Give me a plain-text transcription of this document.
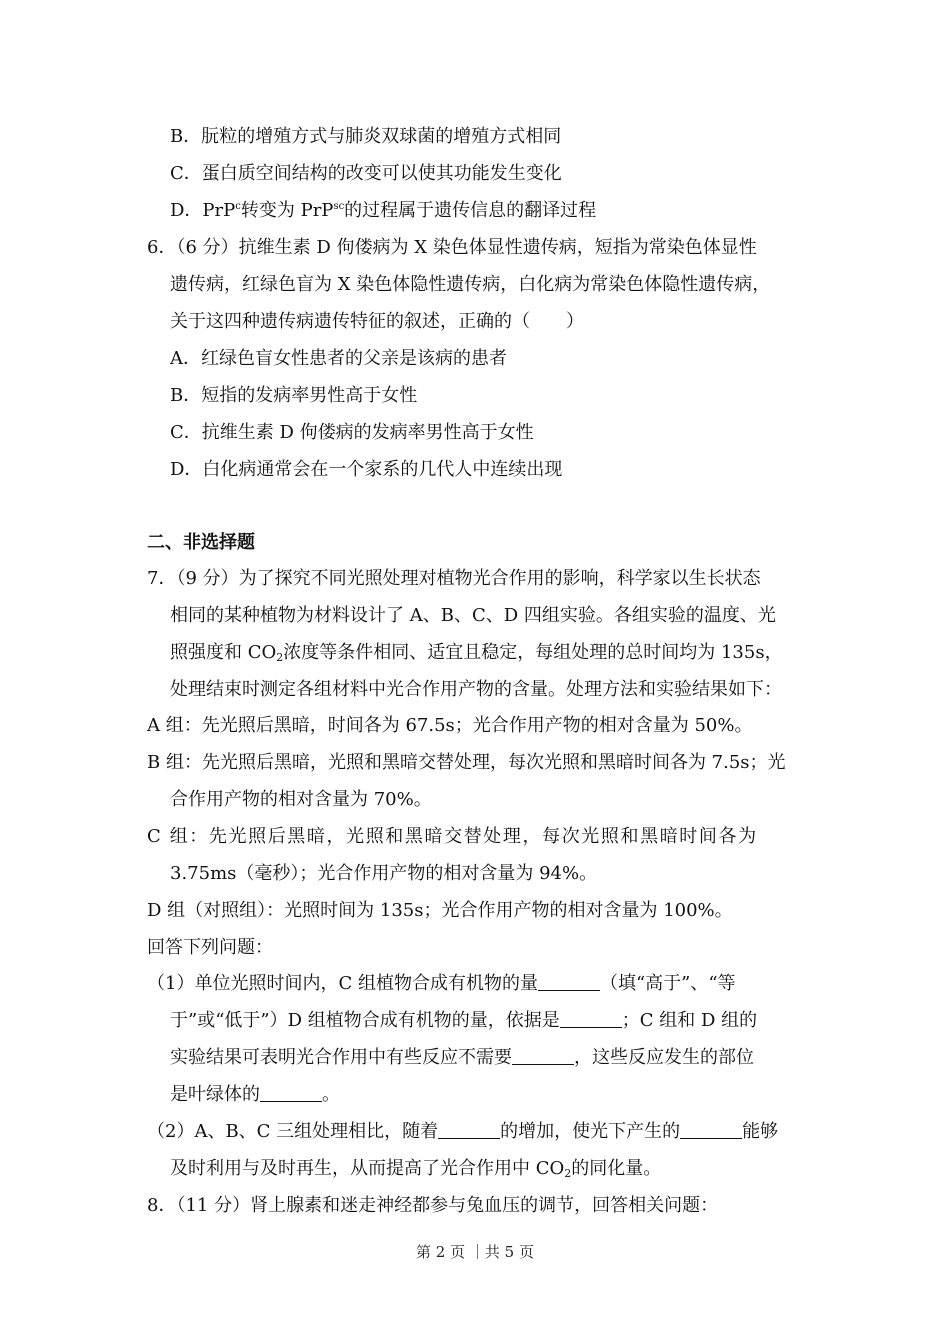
B．朊粒的增殖方式与肺炎双球菌的增殖方式相同
C．蛋白质空间结构的改变可以使其功能发生变化
D．PrP$^c$转变为 PrP$^{sc}$的过程属于遗传信息的翻译过程
6．（6 分）抗维生素 D 佝偻病为 X 染色体显性遗传病，短指为常染色体显性
遗传病，红绿色盲为 X 染色体隐性遗传病，白化病为常染色体隐性遗传病，
关于这四种遗传病遗传特征的叙述，正确的（　　）
A．红绿色盲女性患者的父亲是该病的患者
B．短指的发病率男性高于女性
C．抗维生素 D 佝偻病的发病率男性高于女性
D．白化病通常会在一个家系的几代人中连续出现
二、非选择题
7．（9 分）为了探究不同光照处理对植物光合作用的影响，科学家以生长状态
相同的某种植物为材料设计了 A、B、C、D 四组实验。各组实验的温度、光
照强度和 $CO_2$浓度等条件相同、适宜且稳定，每组处理的总时间均为 135s，
处理结束时测定各组材料中光合作用产物的含量。处理方法和实验结果如下：
A 组：先光照后黑暗，时间各为 67.5s；光合作用产物的相对含量为 50%。
B 组：先光照后黑暗，光照和黑暗交替处理，每次光照和黑暗时间各为 7.5s；光
合作用产物的相对含量为 70%。
C 组：先光照后黑暗，光照和黑暗交替处理，每次光照和黑暗时间各为
3.75ms（毫秒）；光合作用产物的相对含量为 94%。
D 组（对照组）：光照时间为 135s；光合作用产物的相对含量为 100%。
回答下列问题：
（1）单位光照时间内，C 组植物合成有机物的量	（填“高于”、“等
于”或“低于”）D 组植物合成有机物的量，依据是	；C 组和 D 组的
实验结果可表明光合作用中有些反应不需要	，这些反应发生的部位
是叶绿体的	。
（2）A、B、C 三组处理相比，随着	的增加，使光下产生的	能够
及时利用与及时再生，从而提高了光合作用中 $CO_2$的同化量。
8．（11 分）肾上腺素和迷走神经都参与兔血压的调节，回答相关问题：
第 2 页 ｜共 5 页
